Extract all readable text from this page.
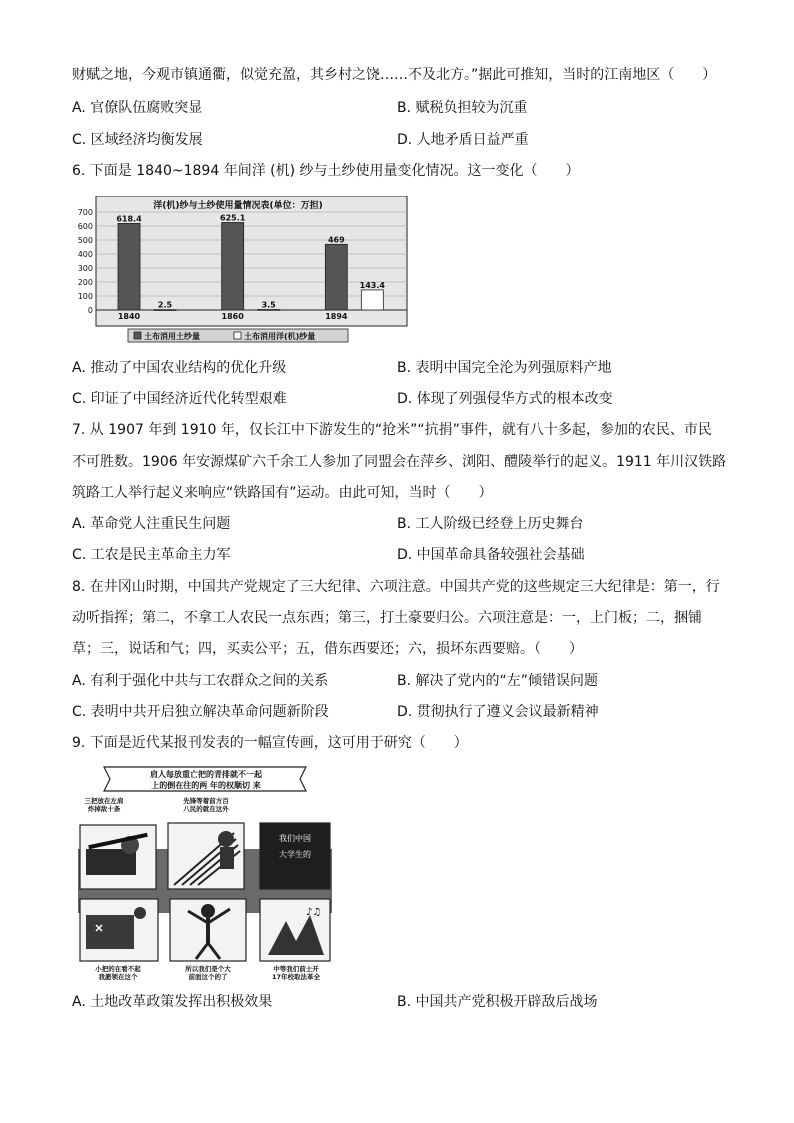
财赋之地，今观市镇通衢，似觉充盈，其乡村之饶……不及北方。”据此可推知，当时的江南地区（　　）
A. 官僚队伍腐败突显	B. 赋税负担较为沉重
C. 区域经济均衡发展	D. 人地矛盾日益严重
6. 下面是 1840~1894 年间洋 (机) 纱与土纱使用量变化情况。这一变化（　　）
洋(机)纱与土纱使用量情况表(单位：万担)
0
100
200
300
400
500
600
700
618.4
2.5
625.1
3.5
469
143.4
1840	1860	1894
土布消用土纱量	土布消用洋(机)纱量
A. 推动了中国农业结构的优化升级	B. 表明中国完全沦为列强原料产地
C. 印证了中国经济近代化转型艰难	D. 体现了列强侵华方式的根本改变
7. 从 1907 年到 1910 年，仅长江中下游发生的“抢米”“抗捐”事件，就有八十多起，参加的农民、市民
不可胜数。1906 年安源煤矿六千余工人参加了同盟会在萍乡、浏阳、醴陵举行的起义。1911 年川汉铁路
筑路工人举行起义来响应“铁路国有”运动。由此可知，当时（　　）
A. 革命党人注重民生问题	B. 工人阶级已经登上历史舞台
C. 工农是民主革命主力军	D. 中国革命具备较强社会基础
8. 在井冈山时期，中国共产党规定了三大纪律、六项注意。中国共产党的这些规定三大纪律是：第一，行
动听指挥；第二，不拿工人农民一点东西；第三，打土豪要归公。六项注意是：一，上门板；二，捆铺
草；三，说话和气；四，买卖公平；五，借东西要还；六，损坏东西要赔。（　　）
A. 有利于强化中共与工农群众之间的关系	B. 解决了党内的“左”倾错误问题
C. 表明中共开启独立解决革命问题新阶段	D. 贯彻执行了遵义会议最新精神
9. 下面是近代某报刊发表的一幅宣传画，这可用于研究（　　）
肩人每放重亡把的青排就不一起
上的倒在往的两 年的权顺切 来
三把放在左肩炸掉敌十条
先锋等着前方百八民的就在这外
我们中国
大学生的
♪♫
小把的在看不起我愿领在这个
所以我们是个大前面这个的了
中等我们前士开 17年校取法革全
A. 土地改革政策发挥出积极效果	B. 中国共产党积极开辟敌后战场
